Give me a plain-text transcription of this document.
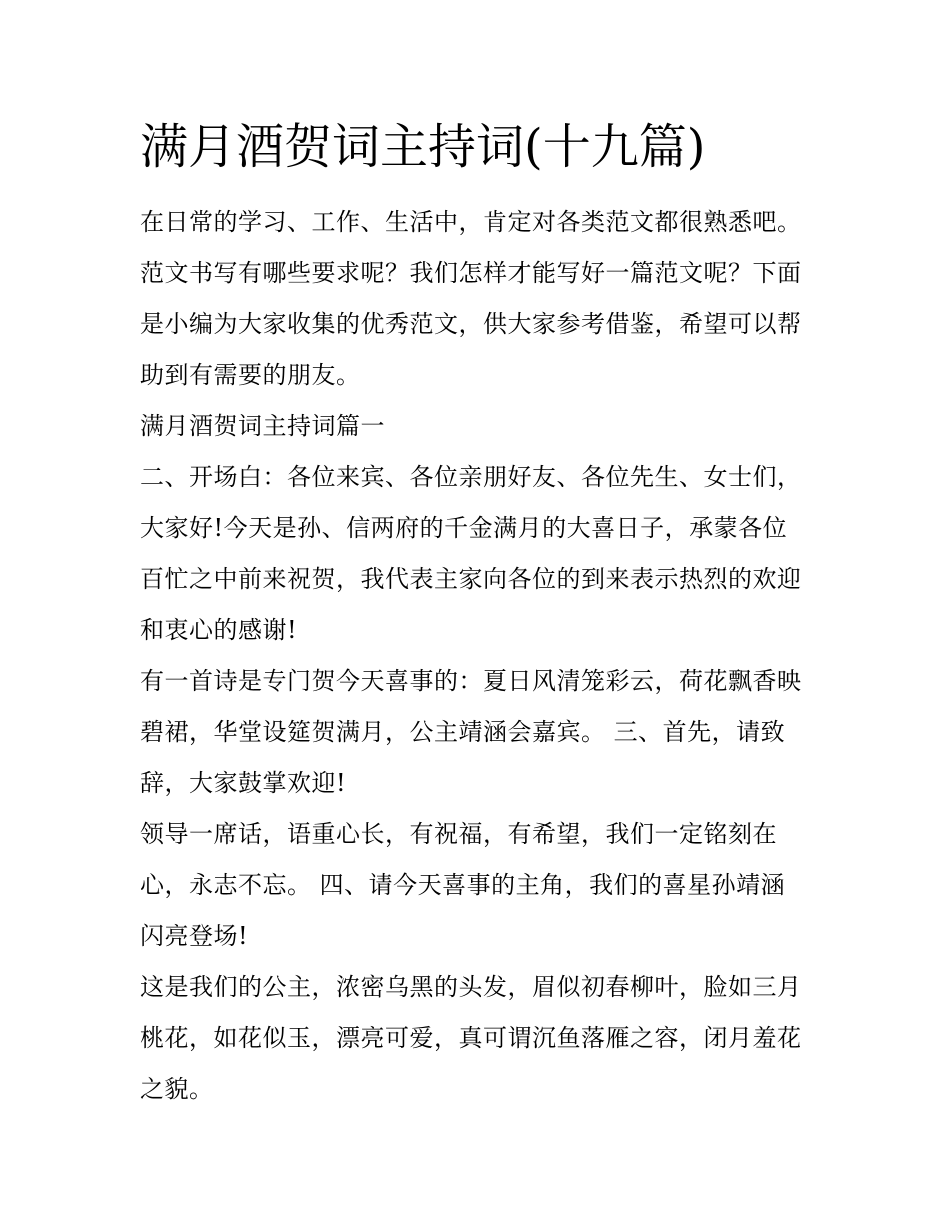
满月酒贺词主持词(十九篇)

在日常的学习、工作、生活中，肯定对各类范文都很熟悉吧。
范文书写有哪些要求呢？我们怎样才能写好一篇范文呢？下面
是小编为大家收集的优秀范文，供大家参考借鉴，希望可以帮
助到有需要的朋友。

满月酒贺词主持词篇一

二、开场白：各位来宾、各位亲朋好友、各位先生、女士们，
大家好!今天是孙、信两府的千金满月的大喜日子，承蒙各位
百忙之中前来祝贺，我代表主家向各位的到来表示热烈的欢迎
和衷心的感谢!

有一首诗是专门贺今天喜事的：夏日风清笼彩云，荷花飘香映
碧裙，华堂设筵贺满月，公主靖涵会嘉宾。 三、首先，请致
辞，大家鼓掌欢迎!

领导一席话，语重心长，有祝福，有希望，我们一定铭刻在
心，永志不忘。 四、请今天喜事的主角，我们的喜星孙靖涵
闪亮登场!

这是我们的公主，浓密乌黑的头发，眉似初春柳叶，脸如三月
桃花，如花似玉，漂亮可爱，真可谓沉鱼落雁之容，闭月羞花
之貌。
